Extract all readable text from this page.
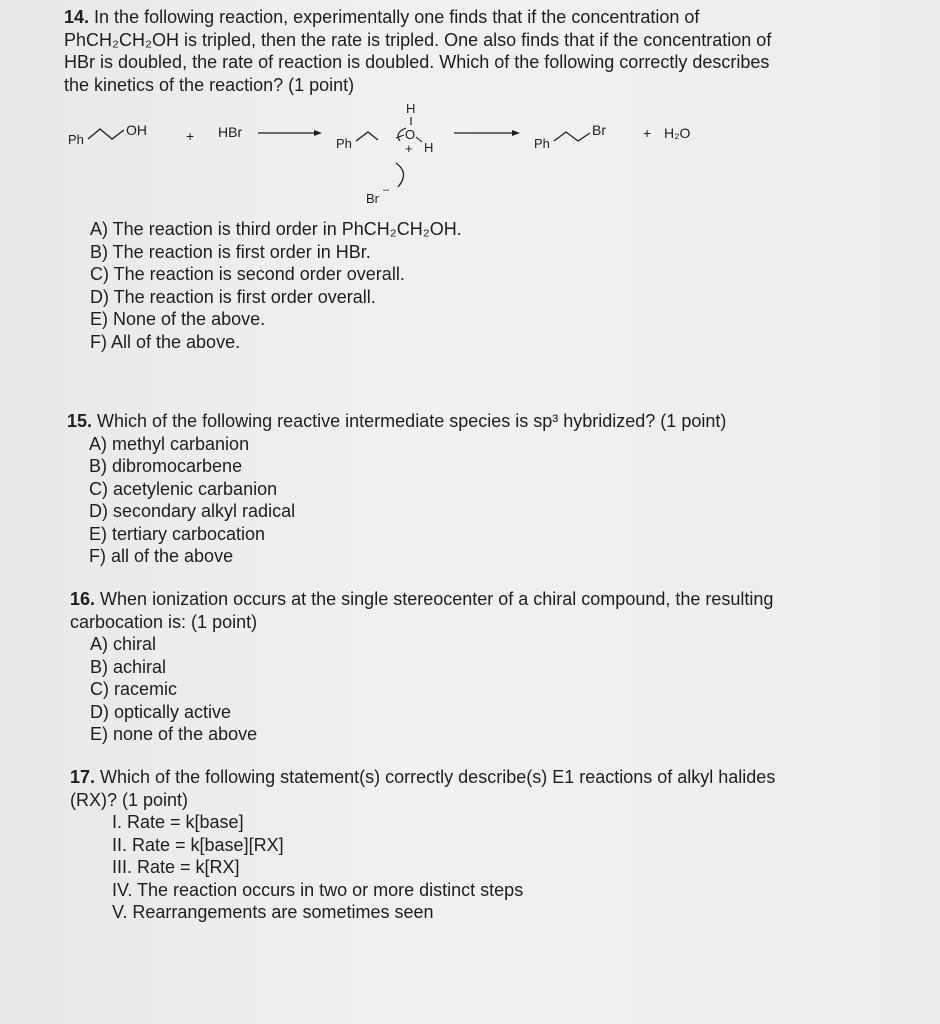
14. In the following reaction, experimentally one finds that if the concentration of
PhCH₂CH₂OH is tripled, then the rate is tripled. One also finds that if the concentration of
HBr is doubled, the rate of reaction is doubled. Which of the following correctly describes
the kinetics of the reaction? (1 point)
A) The reaction is third order in PhCH₂CH₂OH.
B) The reaction is first order in HBr.
C) The reaction is second order overall.
D) The reaction is first order overall.
E) None of the above.
F) All of the above.
Ph
OH	+ HBr
Ph
H
O
H
+
Br
–
Ph
Br	+ H₂O
15. Which of the following reactive intermediate species is sp³ hybridized? (1 point)
A) methyl carbanion
B) dibromocarbene
C) acetylenic carbanion
D) secondary alkyl radical
E) tertiary carbocation
F) all of the above
16. When ionization occurs at the single stereocenter of a chiral compound, the resulting
carbocation is: (1 point)
A) chiral
B) achiral
C) racemic
D) optically active
E) none of the above
17. Which of the following statement(s) correctly describe(s) E1 reactions of alkyl halides
(RX)? (1 point)
I. Rate = k[base]
II. Rate = k[base][RX]
III. Rate = k[RX]
IV. The reaction occurs in two or more distinct steps
V. Rearrangements are sometimes seen
